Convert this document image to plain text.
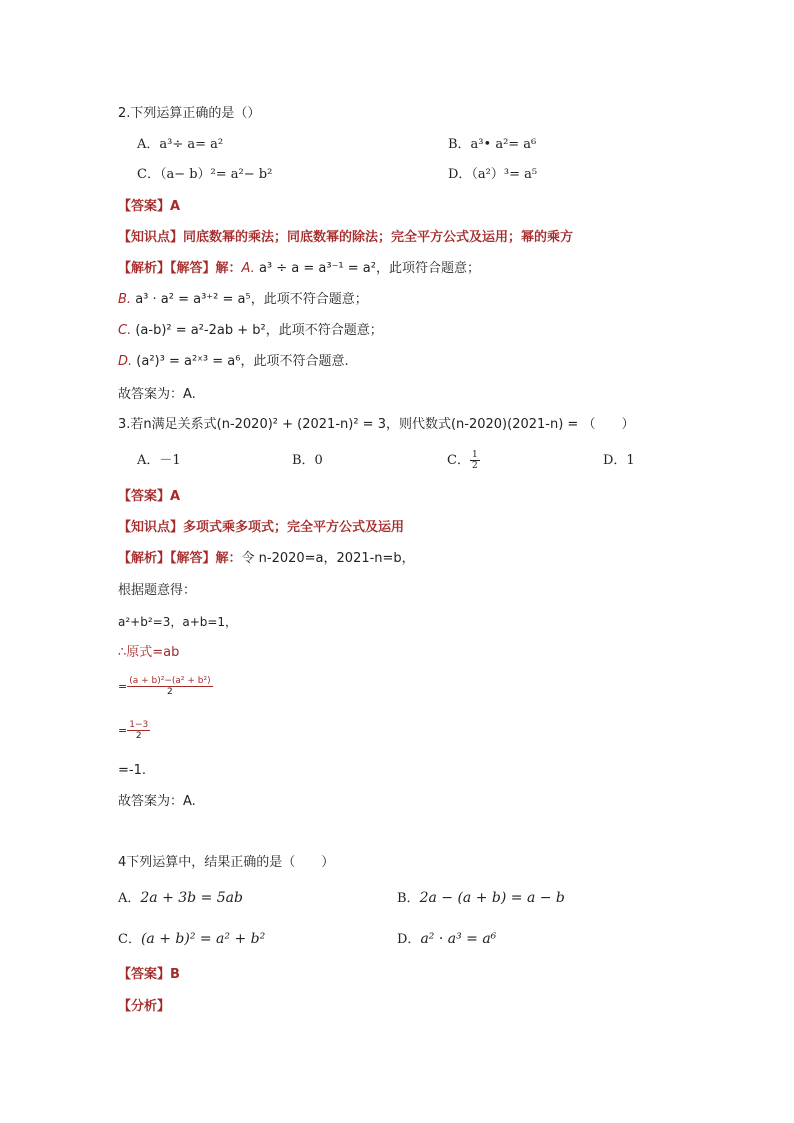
2.下列运算正确的是（）
A．a³÷ a= a²	B．a³• a²= a⁶
C．（a− b）²= a²− b²	D．（a²）³= a⁵
【答案】A
【知识点】同底数幂的乘法；同底数幂的除法；完全平方公式及运用；幂的乘方
【解析】【解答】解：A. a³ ÷ a = a³⁻¹ = a²，此项符合题意；
B. a³ · a² = a³⁺² = a⁵，此项不符合题意；
C. (a-b)² = a²-2ab + b²，此项不符合题意；
D. (a²)³ = a²ˣ³ = a⁶，此项不符合题意.
故答案为：A.
3.若n满足关系式(n-2020)² + (2021-n)² = 3，则代数式(n-2020)(2021-n) = （　　）
A．－1	B．0	C． $\frac{1}{2}$	D．1
【答案】A
【知识点】多项式乘多项式；完全平方公式及运用
【解析】【解答】解：令 n-2020=a，2021-n=b，
根据题意得：
a²+b²=3，a+b=1，
∴原式=ab
= $\frac{\text{(a + b)²−(a² + b²)}}{2}$
= $\frac{1-3}{2}$
=-1.
故答案为：A.
4下列运算中，结果正确的是（　　）
A．2a + 3b = 5ab	B．2a − (a + b) = a − b
C．(a + b)² = a² + b²	D．a² · a³ = a⁶
【答案】B
【分析】
